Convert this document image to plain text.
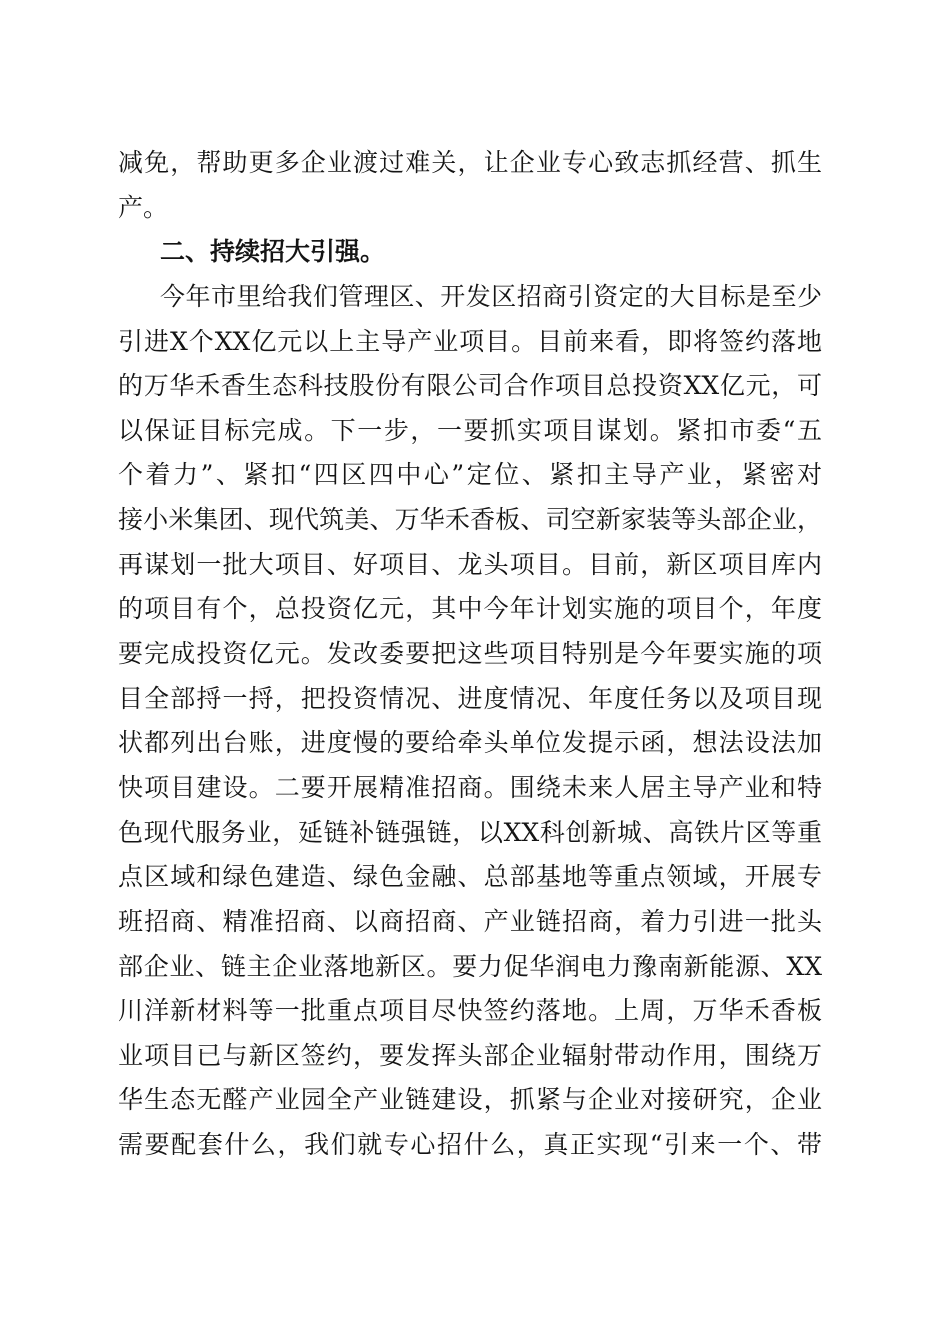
减免，帮助更多企业渡过难关，让企业专心致志抓经营、抓生
产。
二、持续招大引强。
今年市里给我们管理区、开发区招商引资定的大目标是至少
引进X个XX亿元以上主导产业项目。目前来看，即将签约落地
的万华禾香生态科技股份有限公司合作项目总投资XX亿元，可
以保证目标完成。下一步，一要抓实项目谋划。紧扣市委“五
个着力”、紧扣“四区四中心”定位、紧扣主导产业，紧密对
接小米集团、现代筑美、万华禾香板、司空新家装等头部企业，
再谋划一批大项目、好项目、龙头项目。目前，新区项目库内
的项目有个，总投资亿元，其中今年计划实施的项目个，年度
要完成投资亿元。发改委要把这些项目特别是今年要实施的项
目全部捋一捋，把投资情况、进度情况、年度任务以及项目现
状都列出台账，进度慢的要给牵头单位发提示函，想法设法加
快项目建设。二要开展精准招商。围绕未来人居主导产业和特
色现代服务业，延链补链强链，以XX科创新城、高铁片区等重
点区域和绿色建造、绿色金融、总部基地等重点领域，开展专
班招商、精准招商、以商招商、产业链招商，着力引进一批头
部企业、链主企业落地新区。要力促华润电力豫南新能源、XX
川洋新材料等一批重点项目尽快签约落地。上周，万华禾香板
业项目已与新区签约，要发挥头部企业辐射带动作用，围绕万
华生态无醛产业园全产业链建设，抓紧与企业对接研究，企业
需要配套什么，我们就专心招什么，真正实现“引来一个、带
